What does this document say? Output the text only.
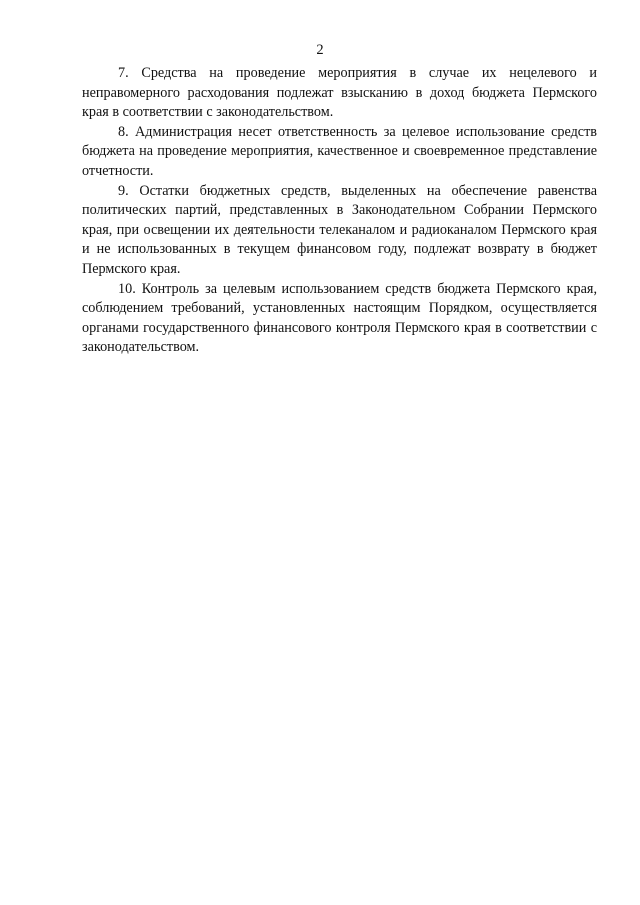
2

7. Средства на проведение мероприятия в случае их нецелевого и неправомерного расходования подлежат взысканию в доход бюджета Пермского края в соответствии с законодательством.

8. Администрация несет ответственность за целевое использование средств бюджета на проведение мероприятия, качественное и своевременное представление отчетности.

9. Остатки бюджетных средств, выделенных на обеспечение равенства политических партий, представленных в Законодательном Собрании Пермского края, при освещении их деятельности телеканалом и радиоканалом Пермского края и не использованных в текущем финансовом году, подлежат возврату в бюджет Пермского края.

10. Контроль за целевым использованием средств бюджета Пермского края, соблюдением требований, установленных настоящим Порядком, осуществляется органами государственного финансового контроля Пермского края в соответствии с законодательством.
